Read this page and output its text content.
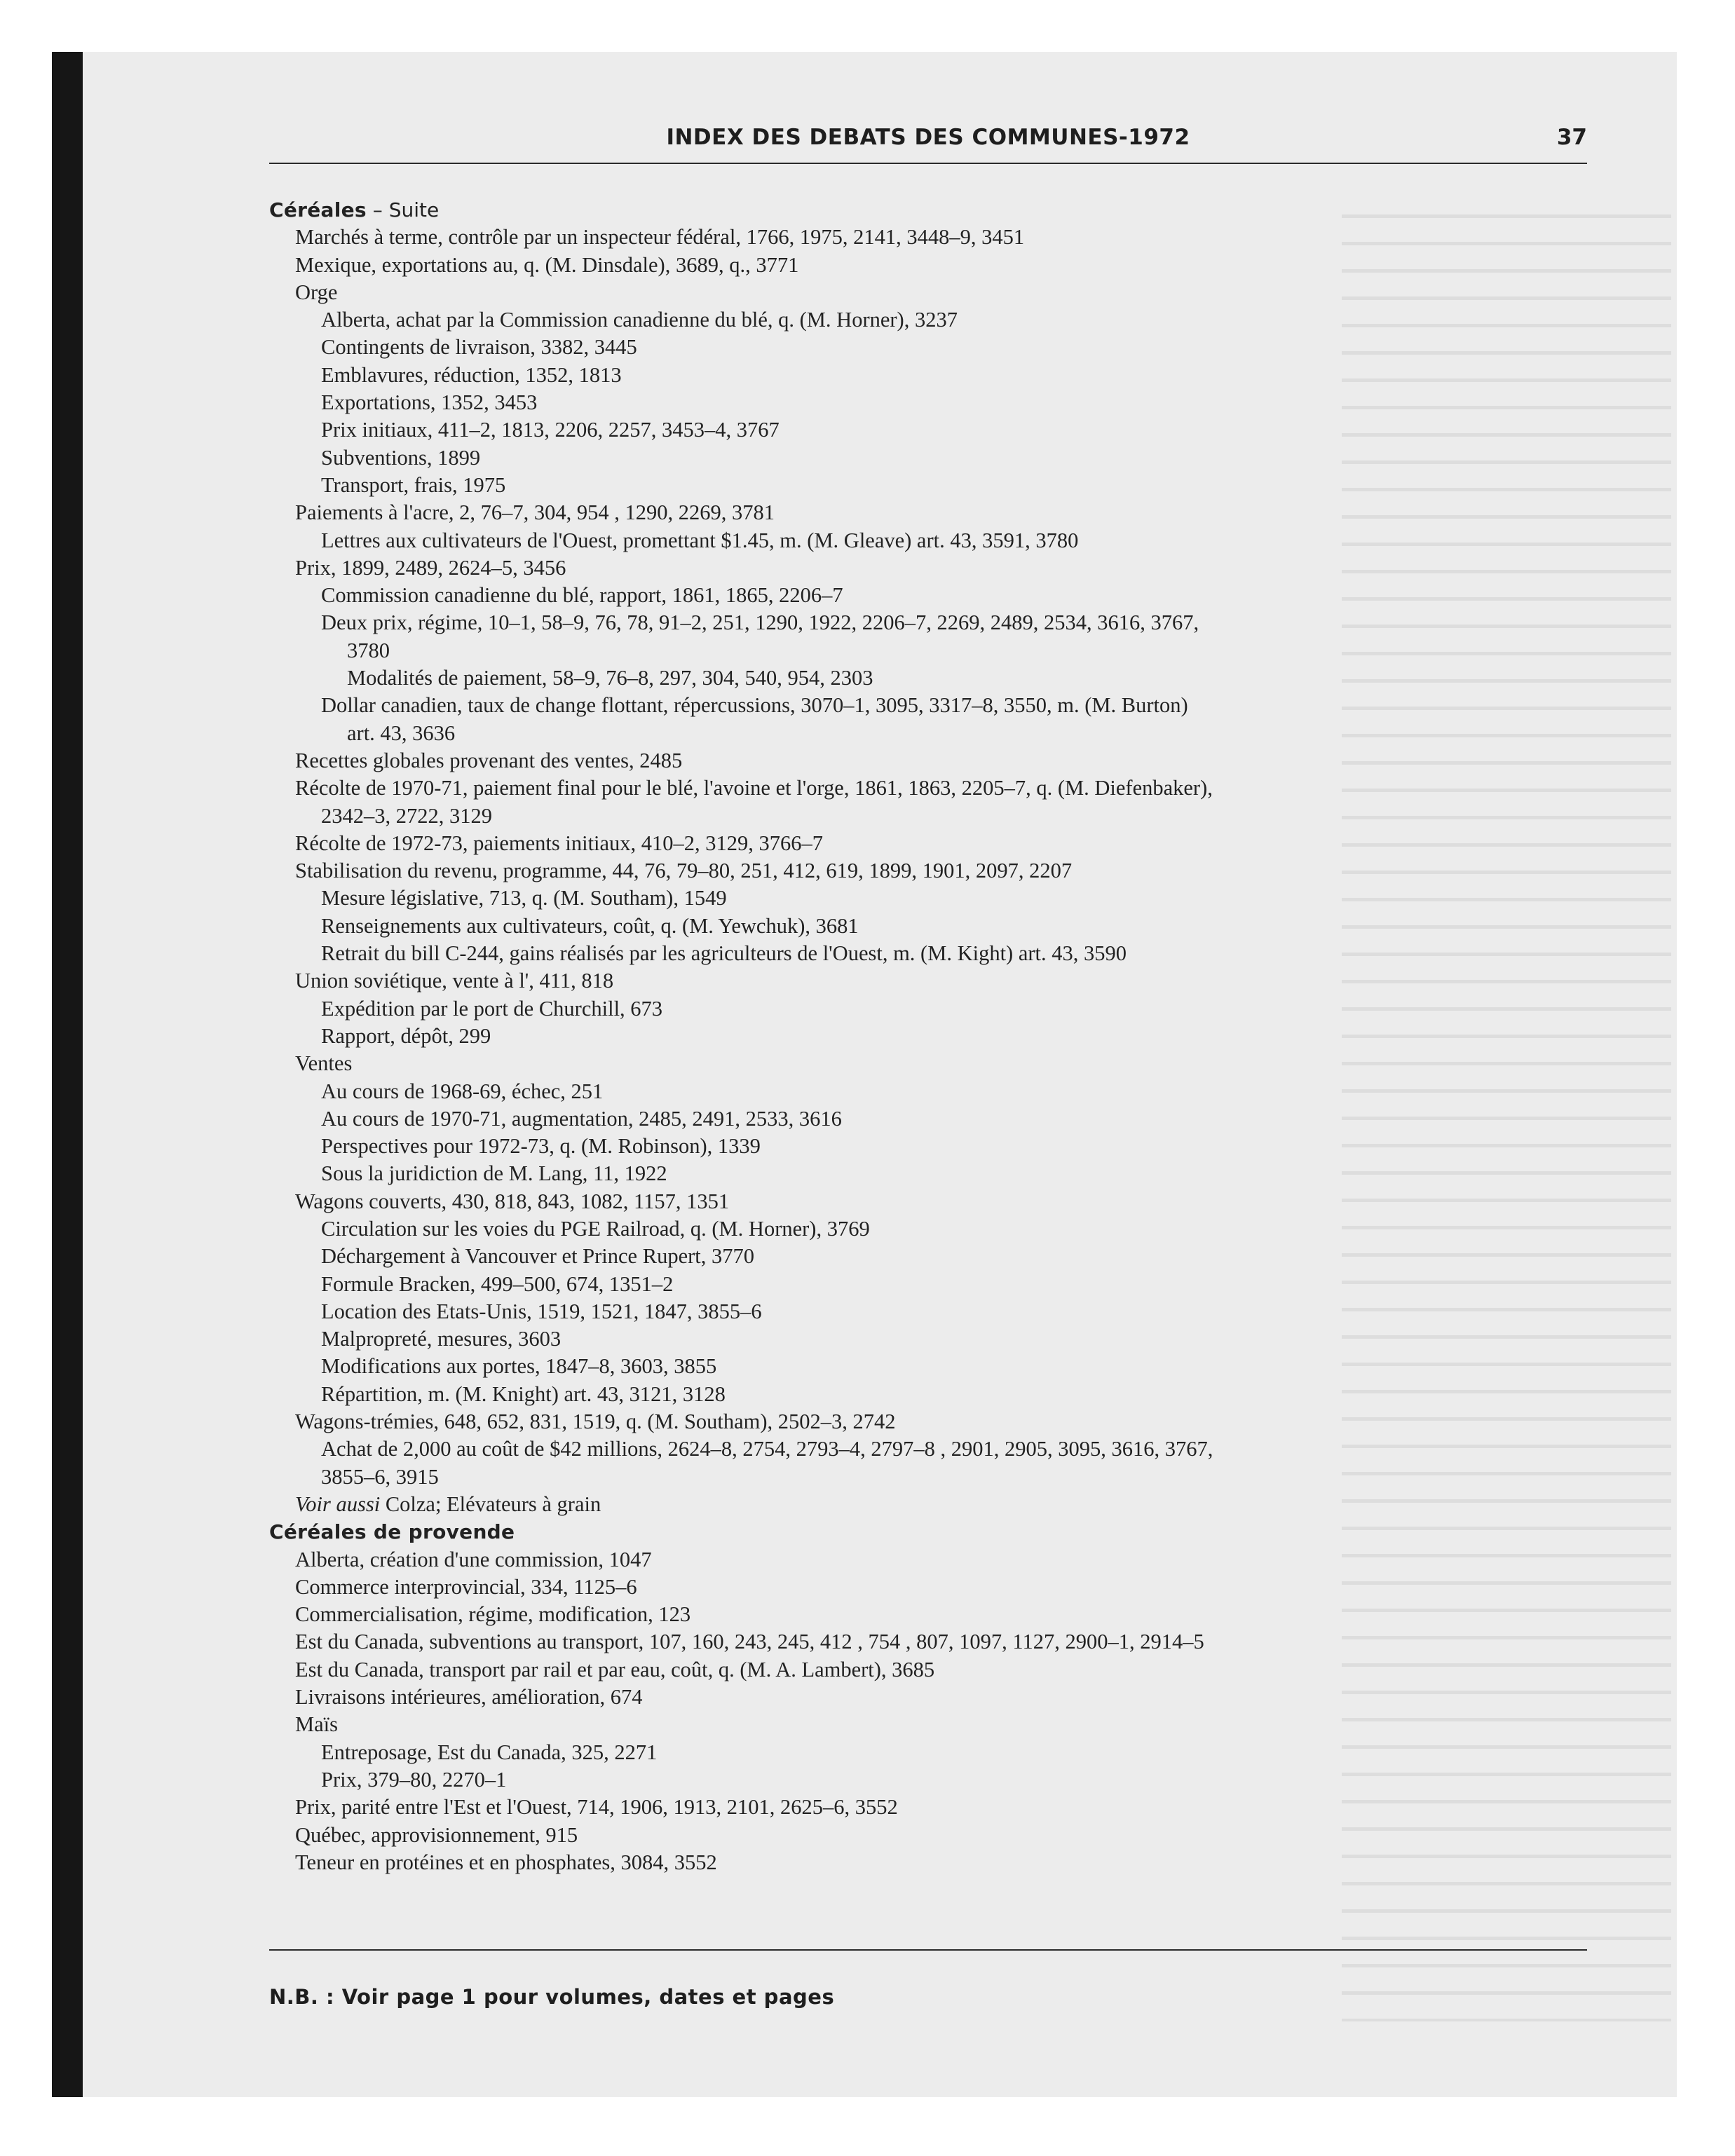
INDEX DES DEBATS DES COMMUNES-1972	37
Céréales – Suite
Marchés à terme, contrôle par un inspecteur fédéral, 1766, 1975, 2141, 3448–9, 3451
Mexique, exportations au, q. (M. Dinsdale), 3689, q., 3771
Orge
Alberta, achat par la Commission canadienne du blé, q. (M. Horner), 3237
Contingents de livraison, 3382, 3445
Emblavures, réduction, 1352, 1813
Exportations, 1352, 3453
Prix initiaux, 411–2, 1813, 2206, 2257, 3453–4, 3767
Subventions, 1899
Transport, frais, 1975
Paiements à l'acre, 2, 76–7, 304, 954 , 1290, 2269, 3781
Lettres aux cultivateurs de l'Ouest, promettant $1.45, m. (M. Gleave) art. 43, 3591, 3780
Prix, 1899, 2489, 2624–5, 3456
Commission canadienne du blé, rapport, 1861, 1865, 2206–7
Deux prix, régime, 10–1, 58–9, 76, 78, 91–2, 251, 1290, 1922, 2206–7, 2269, 2489, 2534, 3616, 3767,
3780
Modalités de paiement, 58–9, 76–8, 297, 304, 540, 954, 2303
Dollar canadien, taux de change flottant, répercussions, 3070–1, 3095, 3317–8, 3550, m. (M. Burton)
art. 43, 3636
Recettes globales provenant des ventes, 2485
Récolte de 1970-71, paiement final pour le blé, l'avoine et l'orge, 1861, 1863, 2205–7, q. (M. Diefenbaker),
2342–3, 2722, 3129
Récolte de 1972-73, paiements initiaux, 410–2, 3129, 3766–7
Stabilisation du revenu, programme, 44, 76, 79–80, 251, 412, 619, 1899, 1901, 2097, 2207
Mesure législative, 713, q. (M. Southam), 1549
Renseignements aux cultivateurs, coût, q. (M. Yewchuk), 3681
Retrait du bill C-244, gains réalisés par les agriculteurs de l'Ouest, m. (M. Kight) art. 43, 3590
Union soviétique, vente à l', 411, 818
Expédition par le port de Churchill, 673
Rapport, dépôt, 299
Ventes
Au cours de 1968-69, échec, 251
Au cours de 1970-71, augmentation, 2485, 2491, 2533, 3616
Perspectives pour 1972-73, q. (M. Robinson), 1339
Sous la juridiction de M. Lang, 11, 1922
Wagons couverts, 430, 818, 843, 1082, 1157, 1351
Circulation sur les voies du PGE Railroad, q. (M. Horner), 3769
Déchargement à Vancouver et Prince Rupert, 3770
Formule Bracken, 499–500, 674, 1351–2
Location des Etats-Unis, 1519, 1521, 1847, 3855–6
Malpropreté, mesures, 3603
Modifications aux portes, 1847–8, 3603, 3855
Répartition, m. (M. Knight) art. 43, 3121, 3128
Wagons-trémies, 648, 652, 831, 1519, q. (M. Southam), 2502–3, 2742
Achat de 2,000 au coût de $42 millions, 2624–8, 2754, 2793–4, 2797–8 , 2901, 2905, 3095, 3616, 3767,
3855–6, 3915
Voir aussi Colza; Elévateurs à grain
Céréales de provende
Alberta, création d'une commission, 1047
Commerce interprovincial, 334, 1125–6
Commercialisation, régime, modification, 123
Est du Canada, subventions au transport, 107, 160, 243, 245, 412 , 754 , 807, 1097, 1127, 2900–1, 2914–5
Est du Canada, transport par rail et par eau, coût, q. (M. A. Lambert), 3685
Livraisons intérieures, amélioration, 674
Maïs
Entreposage, Est du Canada, 325, 2271
Prix, 379–80, 2270–1
Prix, parité entre l'Est et l'Ouest, 714, 1906, 1913, 2101, 2625–6, 3552
Québec, approvisionnement, 915
Teneur en protéines et en phosphates, 3084, 3552
N.B. : Voir page 1 pour volumes, dates et pages
